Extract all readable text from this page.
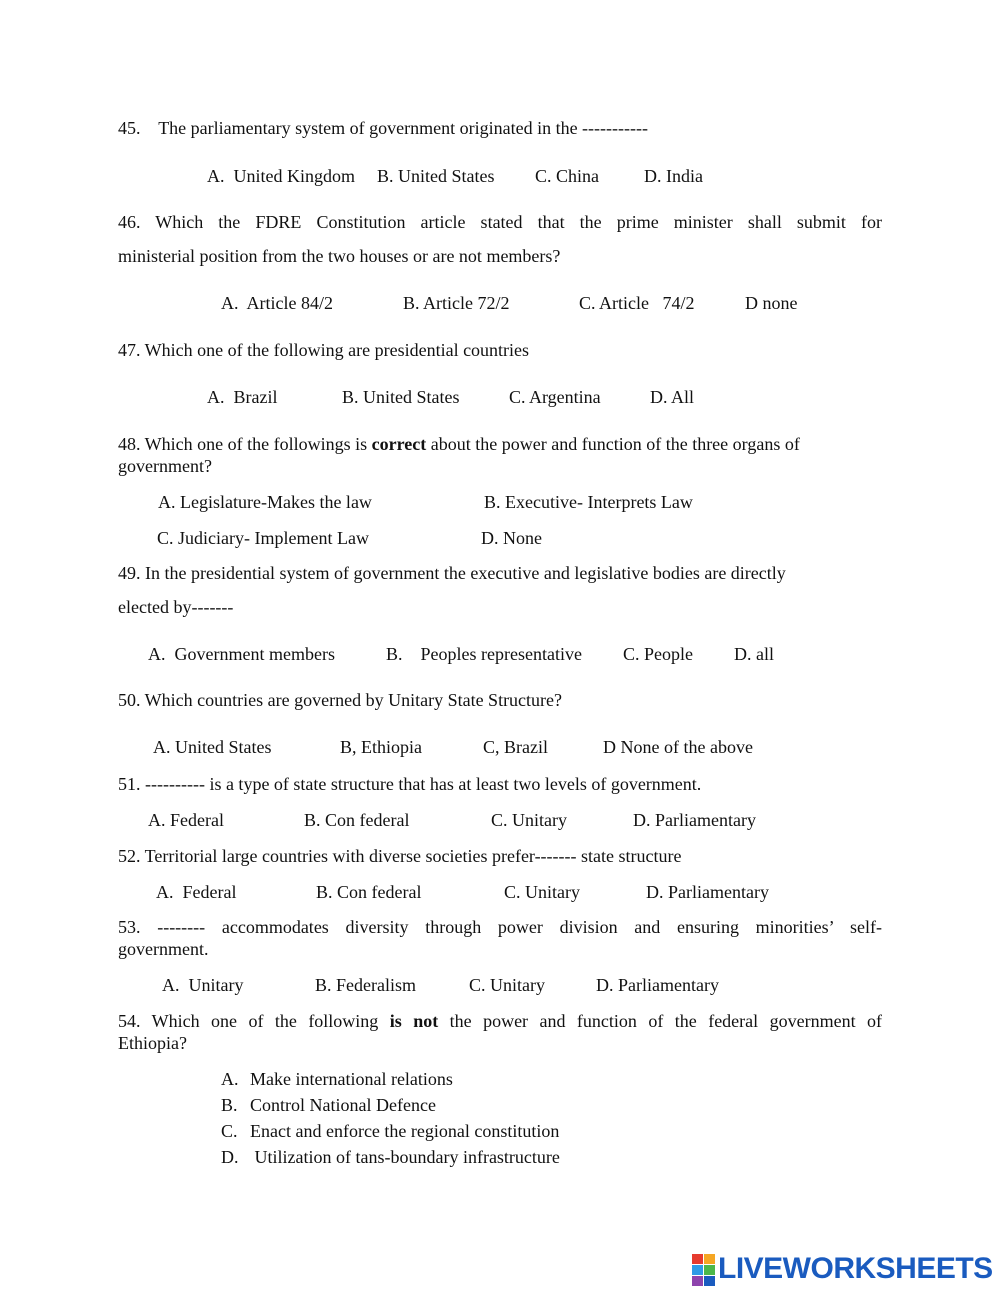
45. The parliamentary system of government originated in the -----------
A.  United Kingdom B. United States C. China D. India
46. Which the FDRE Constitution article stated that the prime minister shall submit for
ministerial position from the two houses or are not members?
A.  Article 84/2	B. Article 72/2	C. Article   74/2	D none
47. Which one of the following are presidential countries
A.  Brazil	B. United States	C. Argentina	D. All
48. Which one of the followings is correct about the power and function of the three organs of
government?
A. Legislature-Makes the law	B. Executive- Interprets Law
C. Judiciary- Implement Law	D. None
49. In the presidential system of government the executive and legislative bodies are directly
elected by-------
A.  Government members	B.    Peoples representative C. People D. all
50. Which countries are governed by Unitary State Structure?
A. United States	B, Ethiopia	C, Brazil	D None of the above
51. ---------- is a type of state structure that has at least two levels of government.
A. Federal	B. Con federal	C. Unitary	D. Parliamentary
52. Territorial large countries with diverse societies prefer------- state structure
A.  Federal	B. Con federal	C. Unitary	D. Parliamentary
53. -------- accommodates diversity through power division and ensuring minorities’ self-
government.
A.  Unitary	B. Federalism	C. Unitary	D. Parliamentary
54. Which one of the following is not the power and function of the federal government of
Ethiopia?
A. Make international relations
B. Control National Defence
C. Enact and enforce the regional constitution
D. Utilization of tans-boundary infrastructure
LIVEWORKSHEETS
